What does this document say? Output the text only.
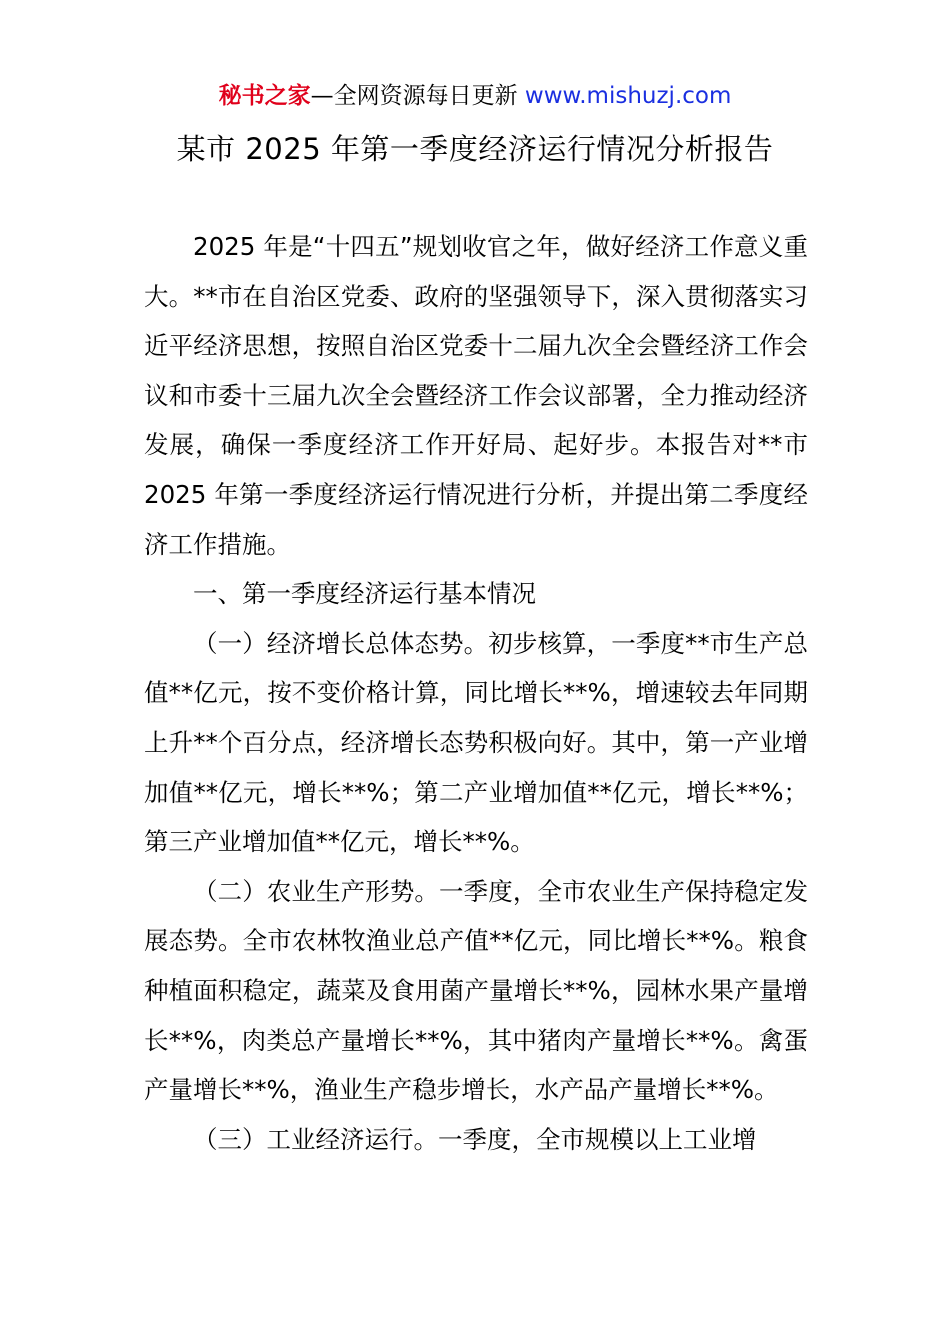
秘书之家—全网资源每日更新 www.mishuzj.com
某市 2025 年第一季度经济运行情况分析报告

2025 年是“十四五”规划收官之年，做好经济工作意义重大。**市在自治区党委、政府的坚强领导下，深入贯彻落实习近平经济思想，按照自治区党委十二届九次全会暨经济工作会议和市委十三届九次全会暨经济工作会议部署，全力推动经济发展，确保一季度经济工作开好局、起好步。本报告对**市 2025 年第一季度经济运行情况进行分析，并提出第二季度经济工作措施。

一、第一季度经济运行基本情况

（一）经济增长总体态势。初步核算，一季度**市生产总值**亿元，按不变价格计算，同比增长**%，增速较去年同期上升**个百分点，经济增长态势积极向好。其中，第一产业增加值**亿元，增长**%；第二产业增加值**亿元，增长**%；第三产业增加值**亿元，增长**%。

（二）农业生产形势。一季度，全市农业生产保持稳定发展态势。全市农林牧渔业总产值**亿元，同比增长**%。粮食种植面积稳定，蔬菜及食用菌产量增长**%，园林水果产量增长**%，肉类总产量增长**%，其中猪肉产量增长**%。禽蛋产量增长**%，渔业生产稳步增长，水产品产量增长**%。

（三）工业经济运行。一季度，全市规模以上工业增
